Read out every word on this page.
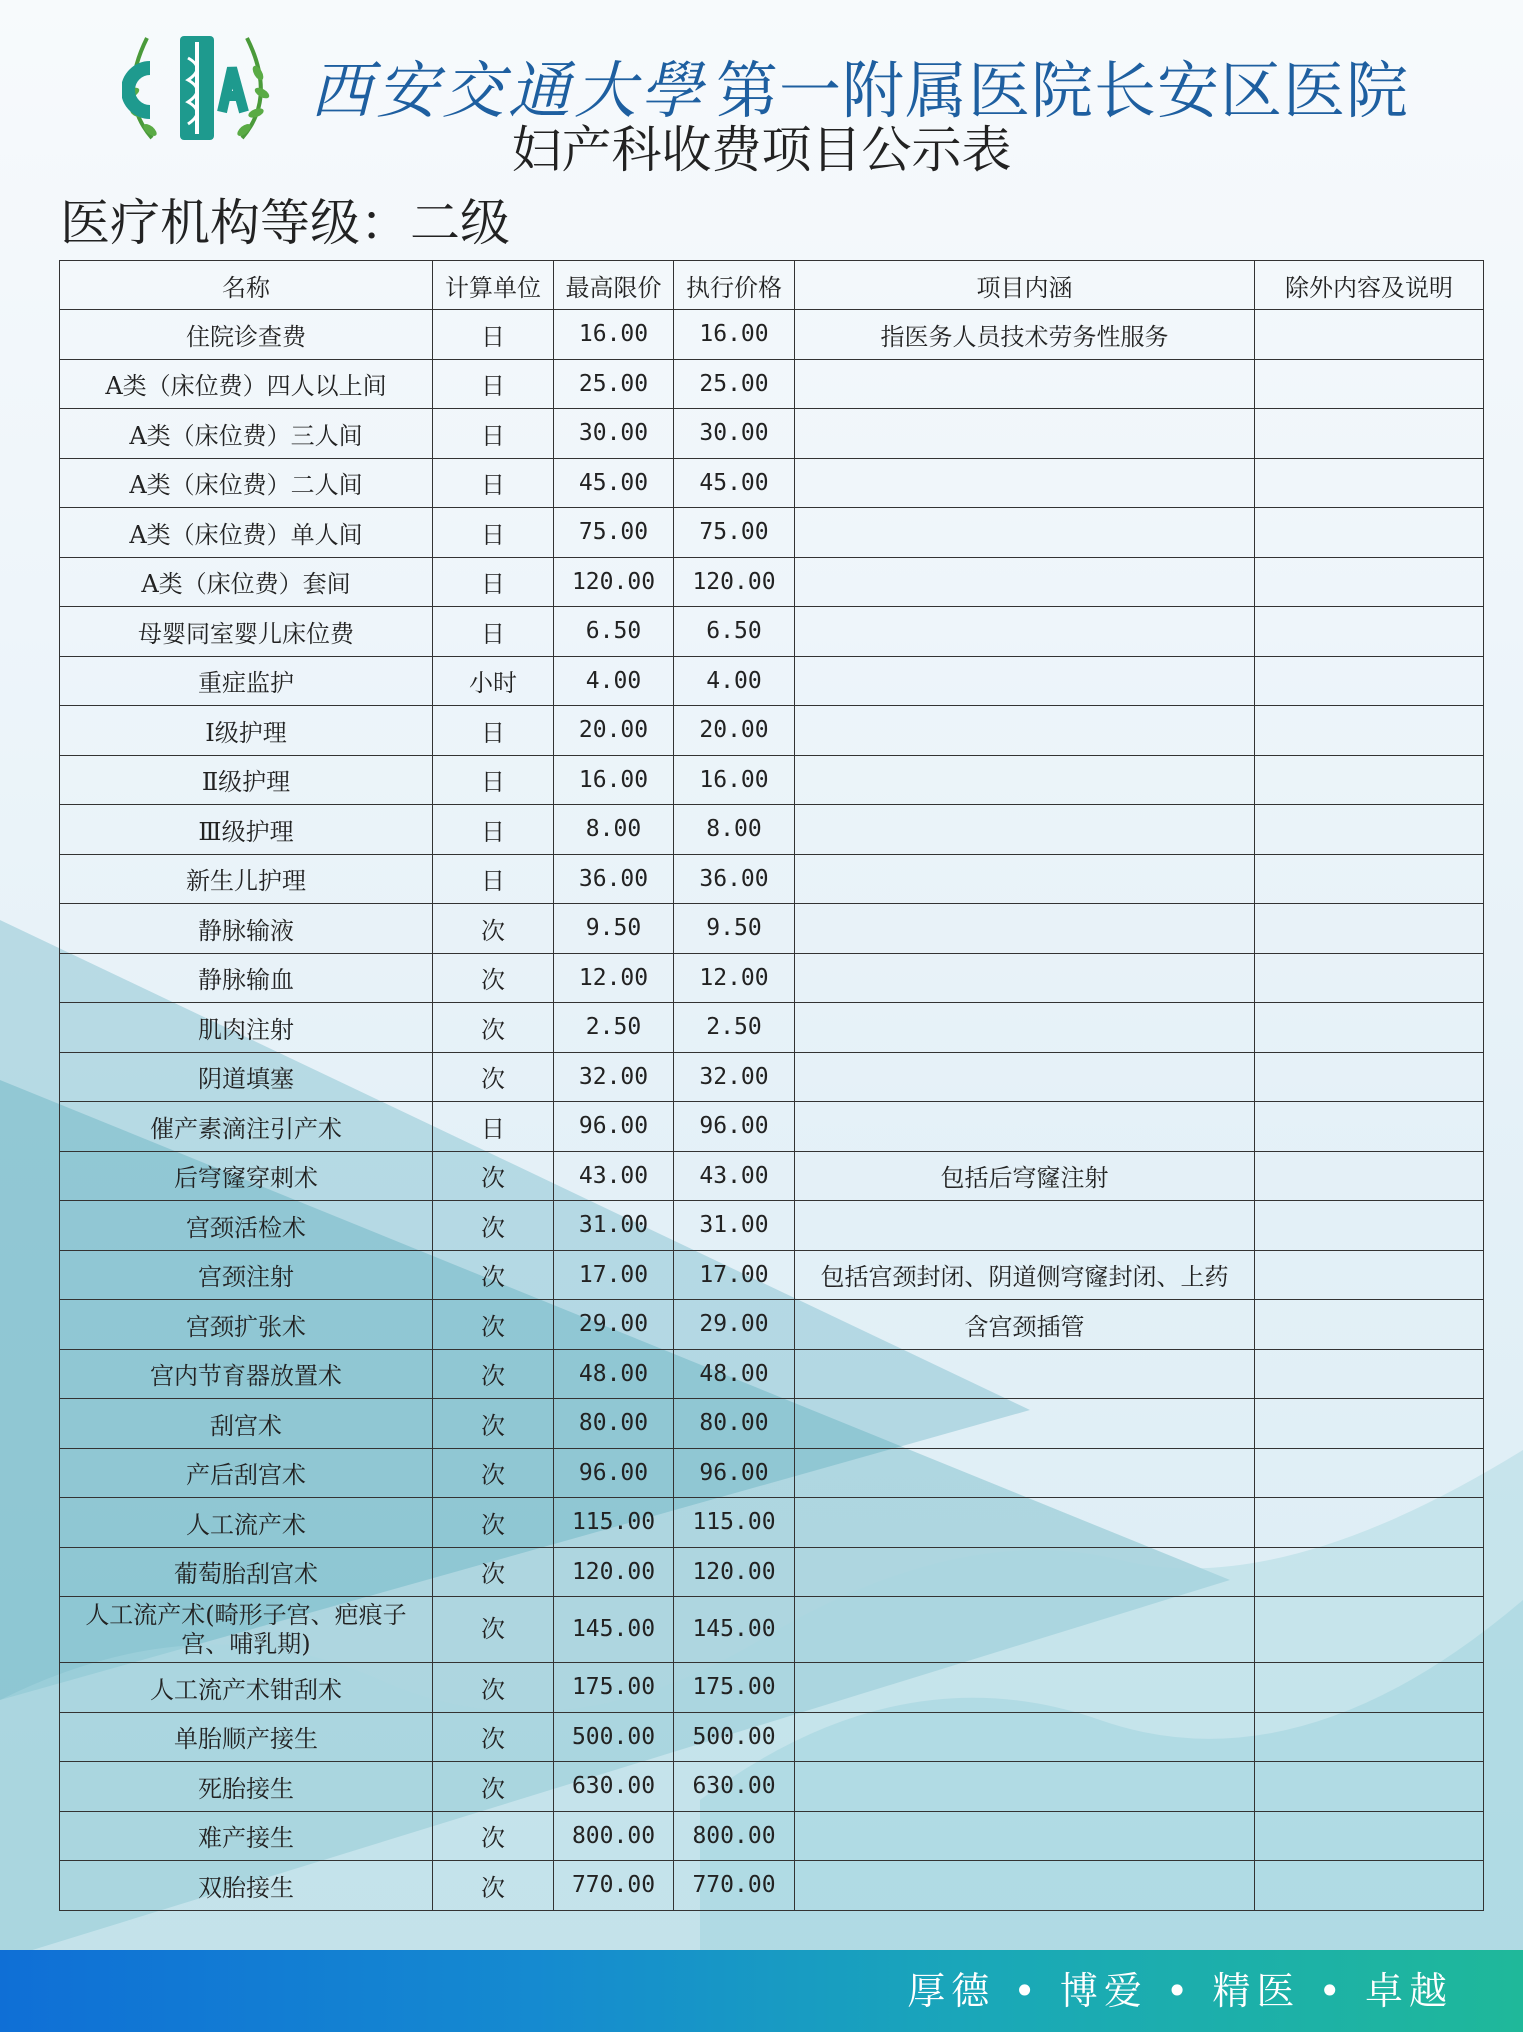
西安交通大學 第一附属医院长安区医院
妇产科收费项目公示表
医疗机构等级：二级
名称	计算单位	最高限价	执行价格	项目内涵	除外内容及说明
住院诊查费	日	16.00	16.00	指医务人员技术劳务性服务	
A类（床位费）四人以上间	日	25.00	25.00		
A类（床位费）三人间	日	30.00	30.00		
A类（床位费）二人间	日	45.00	45.00		
A类（床位费）单人间	日	75.00	75.00		
A类（床位费）套间	日	120.00	120.00		
母婴同室婴儿床位费	日	6.50	6.50		
重症监护	小时	4.00	4.00		
Ⅰ级护理	日	20.00	20.00		
Ⅱ级护理	日	16.00	16.00		
Ⅲ级护理	日	8.00	8.00		
新生儿护理	日	36.00	36.00		
静脉输液	次	9.50	9.50		
静脉输血	次	12.00	12.00		
肌肉注射	次	2.50	2.50		
阴道填塞	次	32.00	32.00		
催产素滴注引产术	日	96.00	96.00		
后穹窿穿刺术	次	43.00	43.00	包括后穹窿注射	
宫颈活检术	次	31.00	31.00		
宫颈注射	次	17.00	17.00	包括宫颈封闭、阴道侧穹窿封闭、上药	
宫颈扩张术	次	29.00	29.00	含宫颈插管	
宫内节育器放置术	次	48.00	48.00		
刮宫术	次	80.00	80.00		
产后刮宫术	次	96.00	96.00		
人工流产术	次	115.00	115.00		
葡萄胎刮宫术	次	120.00	120.00		
人工流产术(畸形子宫、疤痕子宫、哺乳期)	次	145.00	145.00		
人工流产术钳刮术	次	175.00	175.00		
单胎顺产接生	次	500.00	500.00		
死胎接生	次	630.00	630.00		
难产接生	次	800.00	800.00		
双胎接生	次	770.00	770.00		
厚德 • 博爱 • 精医 • 卓越
